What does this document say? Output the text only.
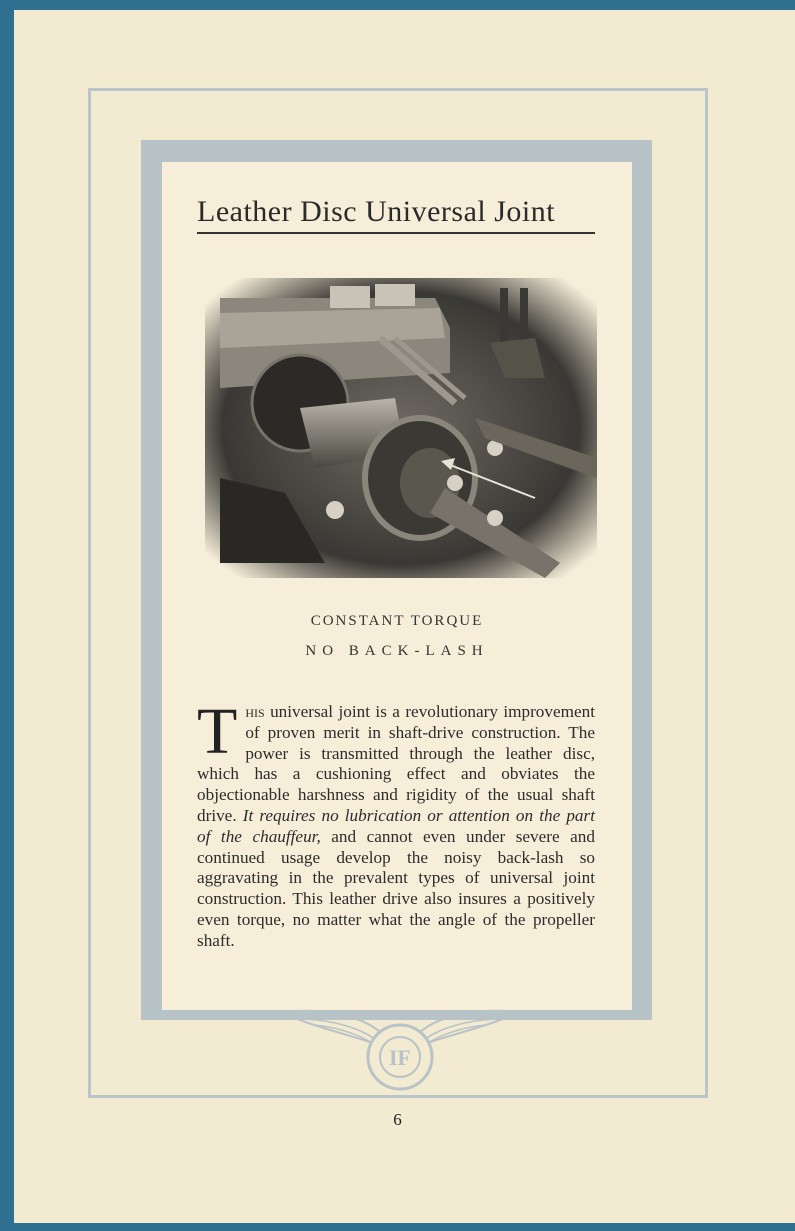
Leather Disc Universal Joint
CONSTANT TORQUE
NO BACK-LASH

This universal joint is a revolutionary improvement of proven merit in shaft-drive construction. The power is transmitted through the leather disc, which has a cushioning effect and obviates the objectionable harshness and rigidity of the usual shaft drive. It requires no lubrication or attention on the part of the chauffeur, and cannot even under severe and continued usage develop the noisy back-lash so aggravating in the prevalent types of universal joint construction. This leather drive also insures a positively even torque, no matter what the angle of the propeller shaft.

IF
6
